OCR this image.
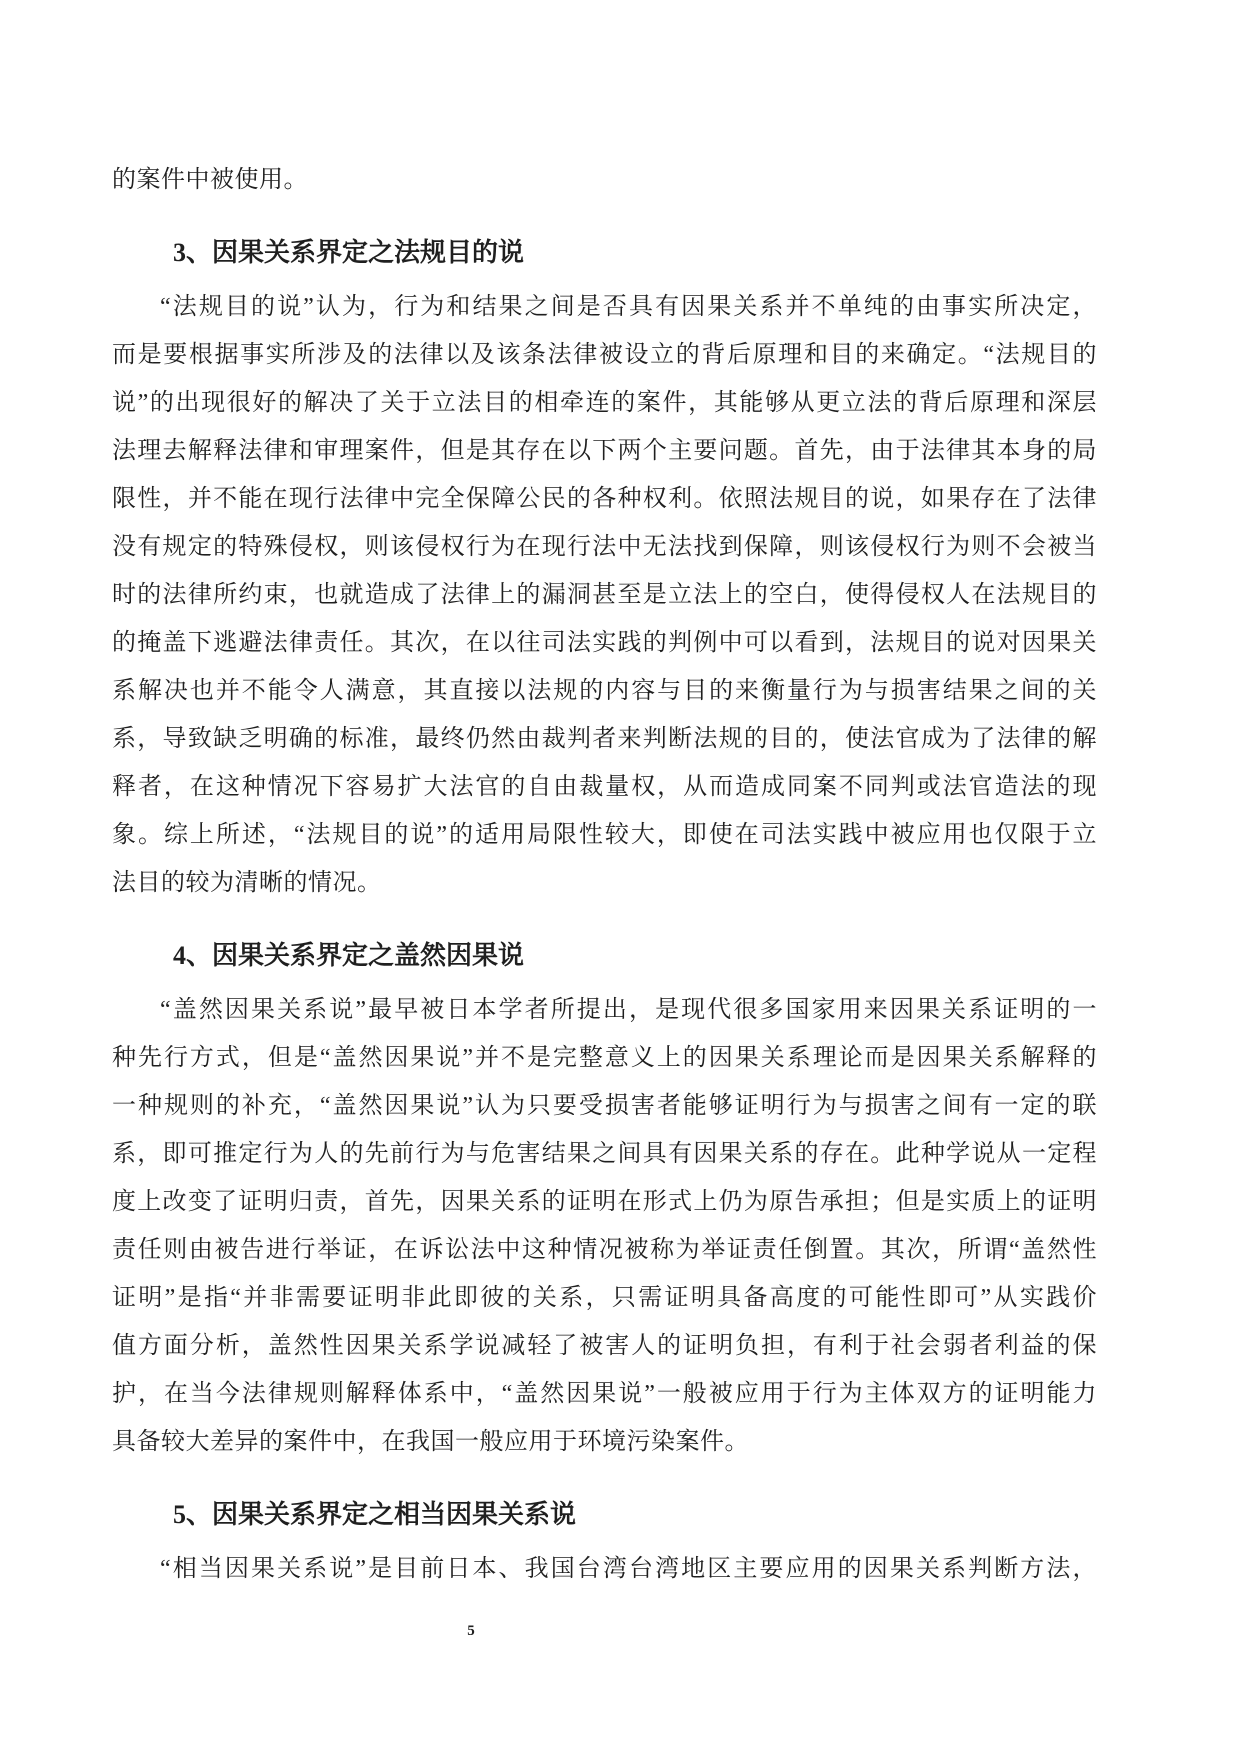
的案件中被使用。
3、因果关系界定之法规目的说
“法规目的说”认为，行为和结果之间是否具有因果关系并不单纯的由事实所决定，
而是要根据事实所涉及的法律以及该条法律被设立的背后原理和目的来确定。“法规目的
说”的出现很好的解决了关于立法目的相牵连的案件，其能够从更立法的背后原理和深层
法理去解释法律和审理案件，但是其存在以下两个主要问题。首先，由于法律其本身的局
限性，并不能在现行法律中完全保障公民的各种权利。依照法规目的说，如果存在了法律
没有规定的特殊侵权，则该侵权行为在现行法中无法找到保障，则该侵权行为则不会被当
时的法律所约束，也就造成了法律上的漏洞甚至是立法上的空白，使得侵权人在法规目的
的掩盖下逃避法律责任。其次，在以往司法实践的判例中可以看到，法规目的说对因果关
系解决也并不能令人满意，其直接以法规的内容与目的来衡量行为与损害结果之间的关
系，导致缺乏明确的标准，最终仍然由裁判者来判断法规的目的，使法官成为了法律的解
释者，在这种情况下容易扩大法官的自由裁量权，从而造成同案不同判或法官造法的现
象。综上所述，“法规目的说”的适用局限性较大，即使在司法实践中被应用也仅限于立
法目的较为清晰的情况。
4、因果关系界定之盖然因果说
“盖然因果关系说”最早被日本学者所提出，是现代很多国家用来因果关系证明的一
种先行方式，但是“盖然因果说”并不是完整意义上的因果关系理论而是因果关系解释的
一种规则的补充，“盖然因果说”认为只要受损害者能够证明行为与损害之间有一定的联
系，即可推定行为人的先前行为与危害结果之间具有因果关系的存在。此种学说从一定程
度上改变了证明归责，首先，因果关系的证明在形式上仍为原告承担；但是实质上的证明
责任则由被告进行举证，在诉讼法中这种情况被称为举证责任倒置。其次，所谓“盖然性
证明”是指“并非需要证明非此即彼的关系，只需证明具备高度的可能性即可”从实践价
值方面分析，盖然性因果关系学说减轻了被害人的证明负担，有利于社会弱者利益的保
护，在当今法律规则解释体系中，“盖然因果说”一般被应用于行为主体双方的证明能力
具备较大差异的案件中，在我国一般应用于环境污染案件。
5、因果关系界定之相当因果关系说
“相当因果关系说”是目前日本、我国台湾台湾地区主要应用的因果关系判断方法，
5
